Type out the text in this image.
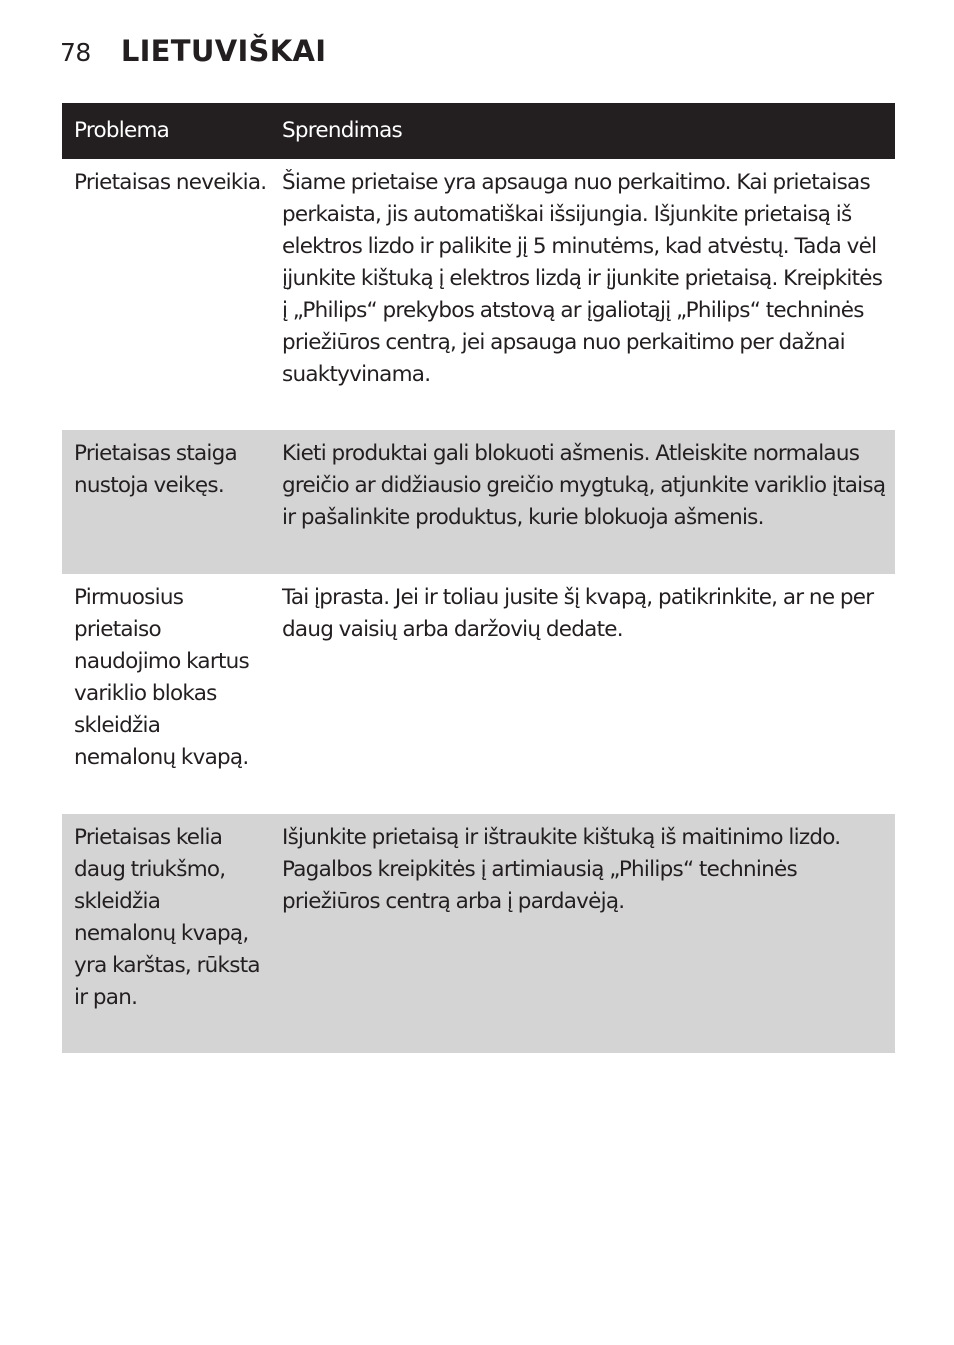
78 LIETUVIŠKAI
Problema	Sprendimas
Prietaisas neveikia. Šiame prietaise yra apsauga nuo perkaitimo. Kai prietaisas perkaista, jis automatiškai išsijungia. Išjunkite prietaisą iš elektros lizdo ir palikite jį 5 minutėms, kad atvėstų. Tada vėl įjunkite kištuką į elektros lizdą ir įjunkite prietaisą. Kreipkitės į „Philips“ prekybos atstovą ar įgaliotąjį „Philips“ techninės priežiūros centrą, jei apsauga nuo perkaitimo per dažnai suaktyvinama.
Prietaisas staiga nustoja veikęs.
Kieti produktai gali blokuoti ašmenis. Atleiskite normalaus greičio ar didžiausio greičio mygtuką, atjunkite variklio įtaisą ir pašalinkite produktus, kurie blokuoja ašmenis.
Pirmuosius prietaiso naudojimo kartus variklio blokas skleidžia nemalonų kvapą.
Tai įprasta. Jei ir toliau jusite šį kvapą, patikrinkite, ar ne per daug vaisių arba daržovių dedate.
Prietaisas kelia daug triukšmo, skleidžia nemalonų kvapą, yra karštas, rūksta ir pan.
Išjunkite prietaisą ir ištraukite kištuką iš maitinimo lizdo. Pagalbos kreipkitės į artimiausią „Philips“ techninės priežiūros centrą arba į pardavėją.
